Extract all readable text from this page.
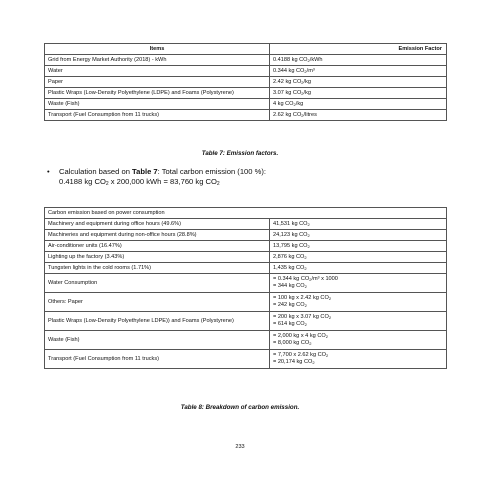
Items	Emission Factor
Grid from Energy Market Authority (2018) - kWh	0.4188 kg $CO_2$/kWh
Water	0.344 kg $CO_2/m^3$
Paper	2.42 kg $CO_2/kg$
Plastic Wraps (Low-Density Polyethylene (LDPE) and Foams (Polystyrene)	3.07 kg $CO_2/kg$
Waste (Fish)	4 kg $CO_2/kg$
Transport (Fuel Consumption from 11 trucks)	2.62 kg $CO_2$/litres
Table 7: Emission factors.
• Calculation based on Table 7: Total carbon emission (100 %):
0.4188 kg $CO_2$ x 200,000 kWh = 83,760 kg $CO_2$
Carbon emission based on power consumption	
Machinery and equipment during office hours (49.6%)	41,531 kg $CO_2$
Machineries and equipment during non-office hours (28.8%)	24,123 kg $CO_2$
Air-conditioner units (16.47%)	13,795 kg $CO_2$
Lighting up the factory (3.43%)	2,876 kg $CO_2$
Tungsten lights in the cold rooms (1.71%)	1,435 kg $CO_2$
Water Consumption	= 0.344 kg $CO_2/m^3$ x 1000
= 344 kg $CO_2$
Others: Paper	= 100 kg x 2.42 kg $CO_2$
= 242 kg $CO_2$
Plastic Wraps (Low-Density Polyethylene LDPE)) and Foams (Polystyrene)	= 200 kg x 3.07 kg $CO_2$
= 614 kg $CO_2$
Waste (Fish)	= 2,000 kg x 4 kg $CO_2$
= 8,000 kg $CO_2$
Transport (Fuel Consumption from 11 trucks)	= 7,700 x 2.62 kg $CO_2$
= 20,174 kg $CO_2$
Table 8: Breakdown of carbon emission.
233
